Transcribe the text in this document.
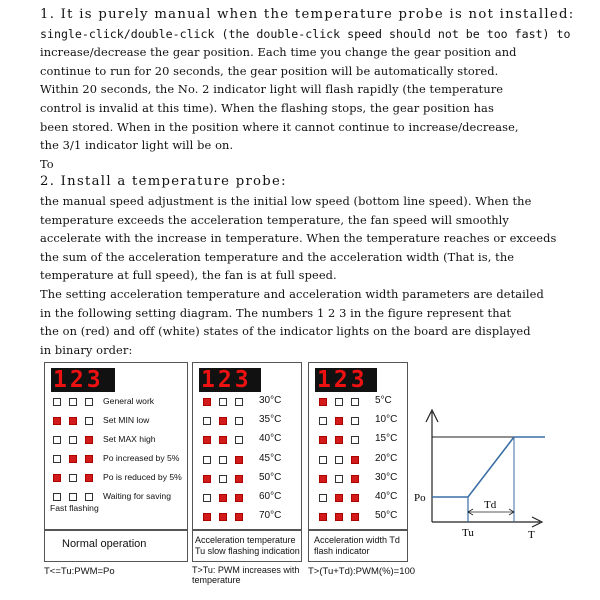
1. It is purely manual when the temperature probe is not installed:
single-click/double-click (the double-click speed should not be too fast) to
increase/decrease the gear position. Each time you change the gear position and
continue to run for 20 seconds, the gear position will be automatically stored.
Within 20 seconds, the No. 2 indicator light will flash rapidly (the temperature
control is invalid at this time). When the flashing stops, the gear position has
been stored. When in the position where it cannot continue to increase/decrease,
the 3/1 indicator light will be on.
To
2. Install a temperature probe:
the manual speed adjustment is the initial low speed (bottom line speed). When the
temperature exceeds the acceleration temperature, the fan speed will smoothly
accelerate with the increase in temperature. When the temperature reaches or exceeds
the sum of the acceleration temperature and the acceleration width (That is, the
temperature at full speed), the fan is at full speed.
The setting acceleration temperature and acceleration width parameters are detailed
in the following setting diagram. The numbers 1 2 3 in the figure represent that
the on (red) and off (white) states of the indicator lights on the board are displayed
in binary order:
123
General work
Set MIN low
Set MAX high
Po increased by 5%
Po is reduced by 5%
Waiting for saving
Fast flashing
Normal operation
T<=Tu:PWM=Po
123
30°C
35°C
40°C
45°C
50°C
60°C
70°C
Acceleration temperature
Tu slow flashing indication
T>Tu: PWM increases with
temperature
123
5°C
10°C
15°C
20°C
30°C
40°C
50°C
Acceleration width Td
flash indicator
T>(Tu+Td):PWM(%)=100
Po
Td
Tu	T
